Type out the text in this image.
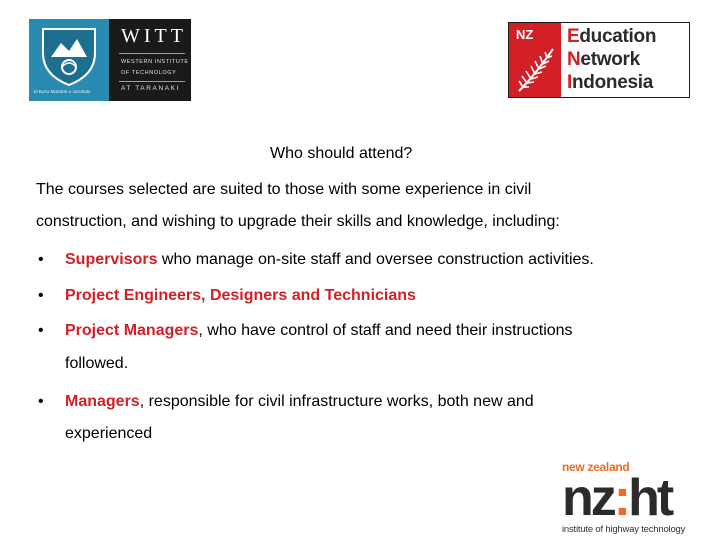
Te Kura Matatini o Taranaki
WITT
WESTERN INSTITUTE
OF TECHNOLOGY
AT TARANAKI
NZ Education
Network
Indonesia
Who should attend?
The courses selected are suited to those with some experience in civil
construction, and wishing to upgrade their skills and knowledge, including:
• Supervisors who manage on-site staff and oversee construction activities.
• Project Engineers, Designers and Technicians
• Project Managers, who have control of staff and need their instructions
followed.
• Managers, responsible for civil infrastructure works, both new and
experienced
new zealand
nz:ht
institute of highway technology
